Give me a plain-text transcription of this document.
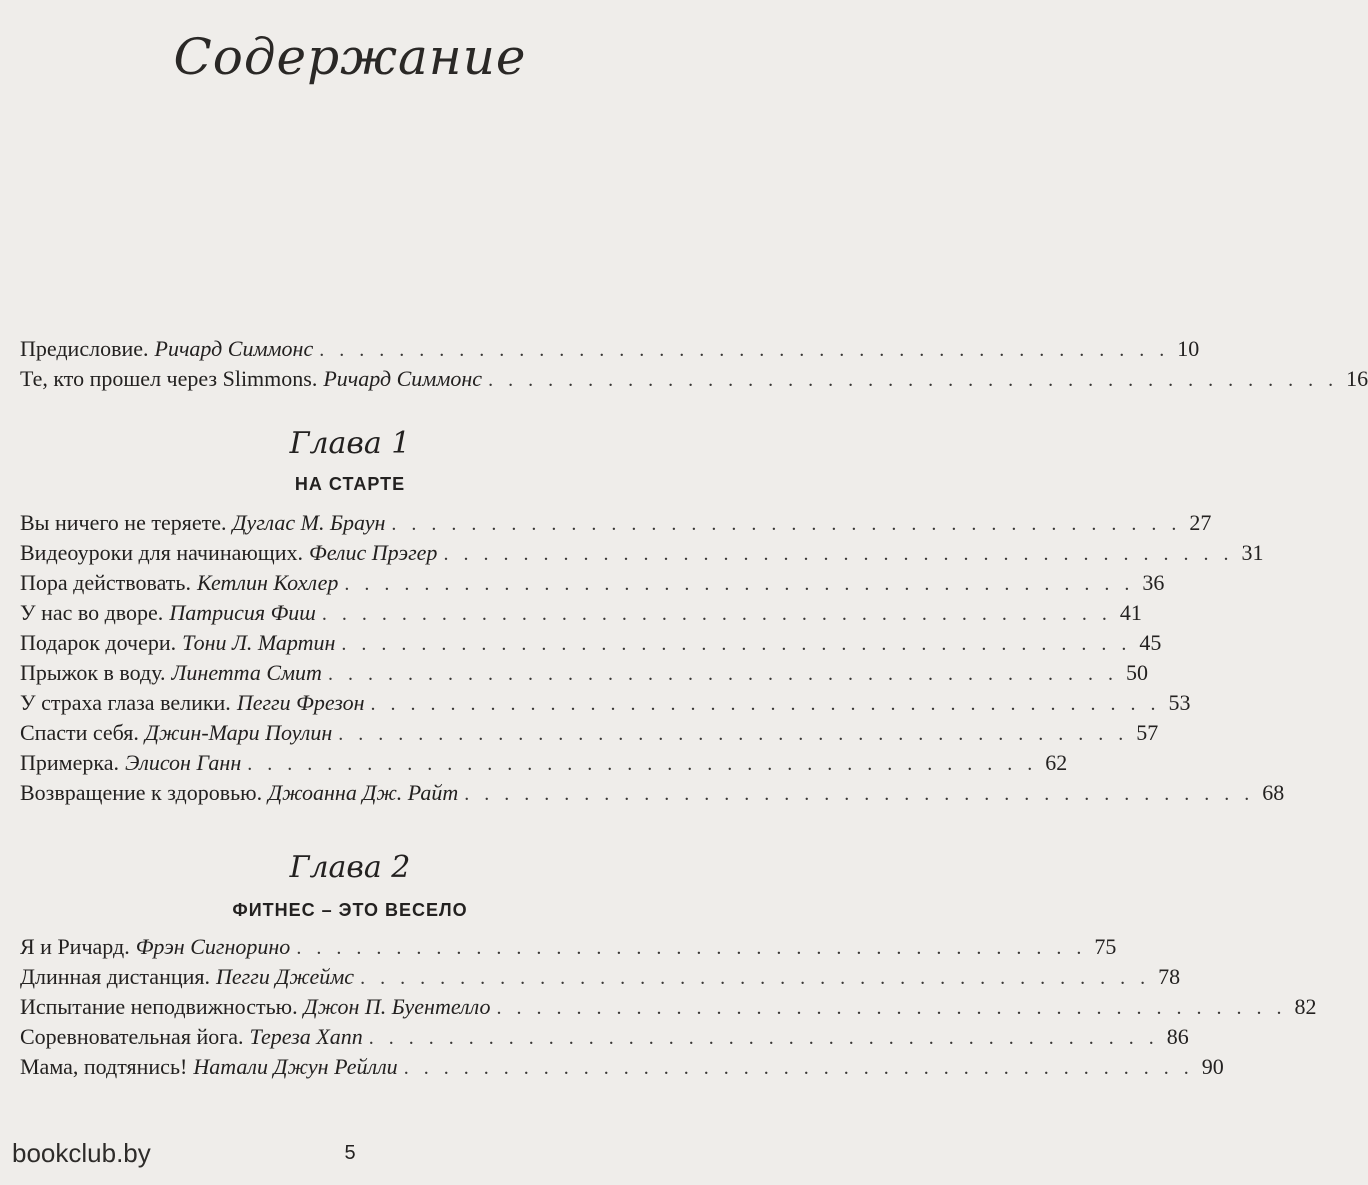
Содержание
Предисловие. Ричард Симмонс . . . . . . . . . . . . . . . . . . . . . . . . . . . . . . . . . . . . . . . . . . . 10
Те, кто прошел через Slimmons. Ричард Симмонс . . . . . . . . . . . . . . . . . . . . . . . . . . . . . . . . . . . . . . . . . . . 16
Глава 1
НА СТАРТЕ
Вы ничего не теряете. Дуглас М. Браун . . . . . . . . . . . . . . . . . . . . . . . . . . . . . . . . . . . . . . . . 27
Видеоуроки для начинающих. Фелис Прэгер . . . . . . . . . . . . . . . . . . . . . . . . . . . . . . . . . . . . . . . . 31
Пора действовать. Кетлин Кохлер . . . . . . . . . . . . . . . . . . . . . . . . . . . . . . . . . . . . . . . . 36
У нас во дворе. Патрисия Фиш . . . . . . . . . . . . . . . . . . . . . . . . . . . . . . . . . . . . . . . . 41
Подарок дочери. Тони Л. Мартин . . . . . . . . . . . . . . . . . . . . . . . . . . . . . . . . . . . . . . . . 45
Прыжок в воду. Линетта Смит . . . . . . . . . . . . . . . . . . . . . . . . . . . . . . . . . . . . . . . . 50
У страха глаза велики. Пегги Фрезон . . . . . . . . . . . . . . . . . . . . . . . . . . . . . . . . . . . . . . . . 53
Спасти себя. Джин-Мари Поулин . . . . . . . . . . . . . . . . . . . . . . . . . . . . . . . . . . . . . . . . 57
Примерка. Элисон Ганн . . . . . . . . . . . . . . . . . . . . . . . . . . . . . . . . . . . . . . . . 62
Возвращение к здоровью. Джоанна Дж. Райт . . . . . . . . . . . . . . . . . . . . . . . . . . . . . . . . . . . . . . . . 68
Глава 2
ФИТНЕС – ЭТО ВЕСЕЛО
Я и Ричард. Фрэн Сигнорино . . . . . . . . . . . . . . . . . . . . . . . . . . . . . . . . . . . . . . . . 75
Длинная дистанция. Пегги Джеймс . . . . . . . . . . . . . . . . . . . . . . . . . . . . . . . . . . . . . . . . 78
Испытание неподвижностью. Джон П. Буентелло . . . . . . . . . . . . . . . . . . . . . . . . . . . . . . . . . . . . . . . . 82
Соревновательная йога. Тереза Хапп . . . . . . . . . . . . . . . . . . . . . . . . . . . . . . . . . . . . . . . . 86
Мама, подтянись! Натали Джун Рейлли . . . . . . . . . . . . . . . . . . . . . . . . . . . . . . . . . . . . . . . . 90
5
bookclub.by
